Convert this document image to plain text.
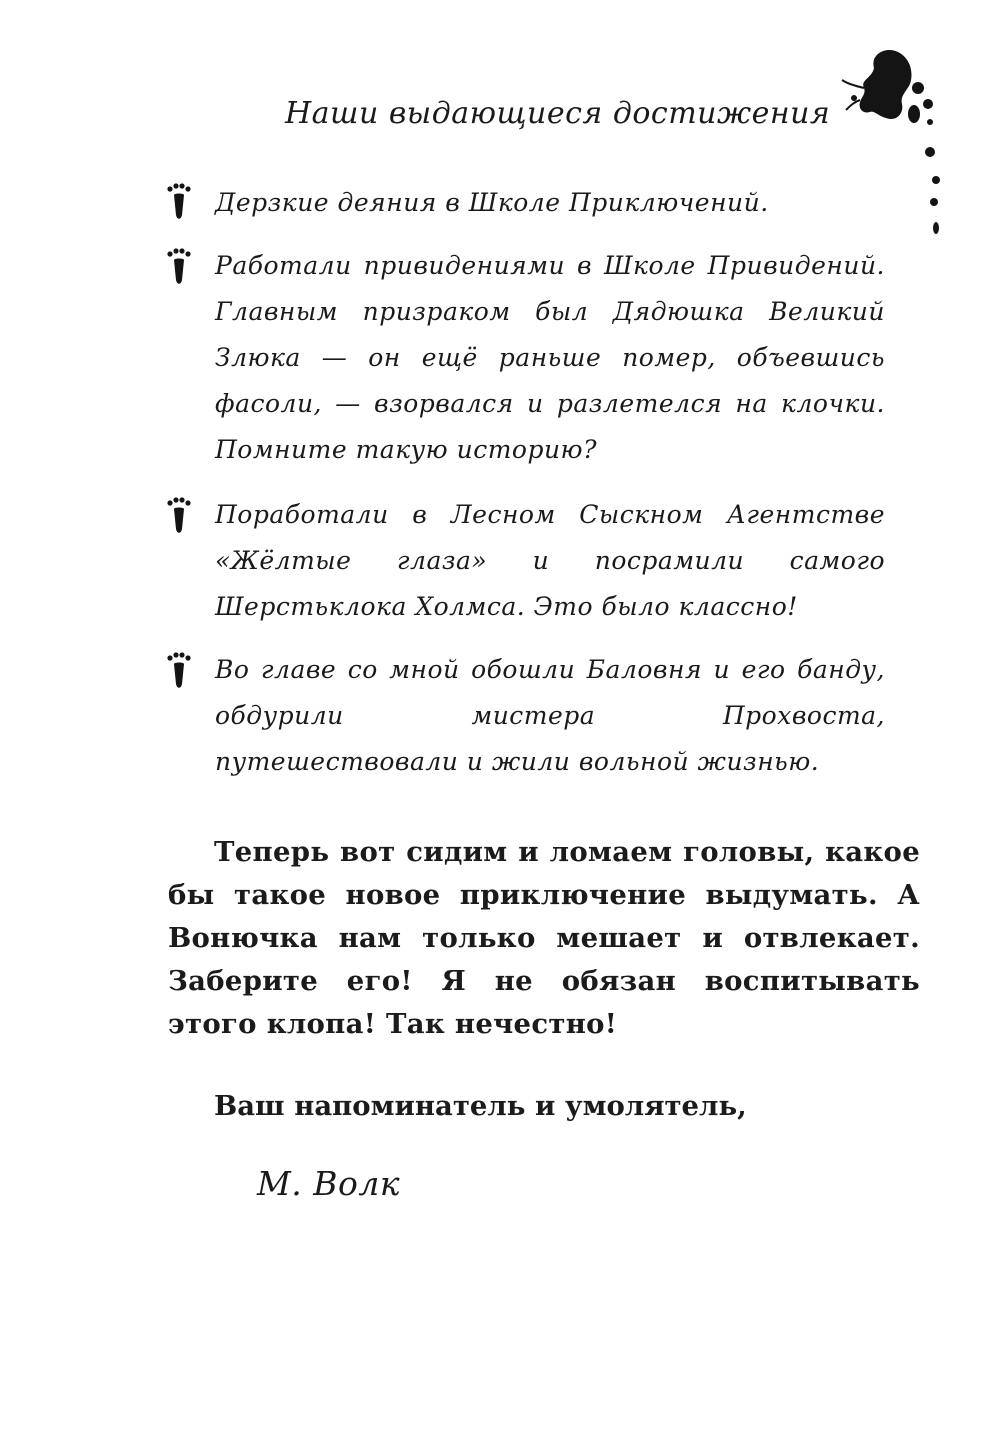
Наши выдающиеся достижения
Дерзкие деяния в Школе Приключений.
Работали привидениями в Школе Привидений. Главным призраком был Дядюшка Великий Злюка — он ещё раньше помер, объевшись фасоли, — взорвался и разлетелся на клочки. Помните такую историю?
Поработали в Лесном Сыскном Агентстве «Жёлтые глаза» и посрамили самого Шерстьклока Холмса. Это было классно!
Во главе со мной обошли Баловня и его банду, обдурили мистера Прохвоста, путешествовали и жили вольной жизнью.
Теперь вот сидим и ломаем головы, какое бы такое новое приключение выдумать. А Вонючка нам только мешает и отвлекает. Заберите его! Я не обязан воспитывать этого клопа! Так нечестно!
Ваш напоминатель и умолятель,
М. Волк
